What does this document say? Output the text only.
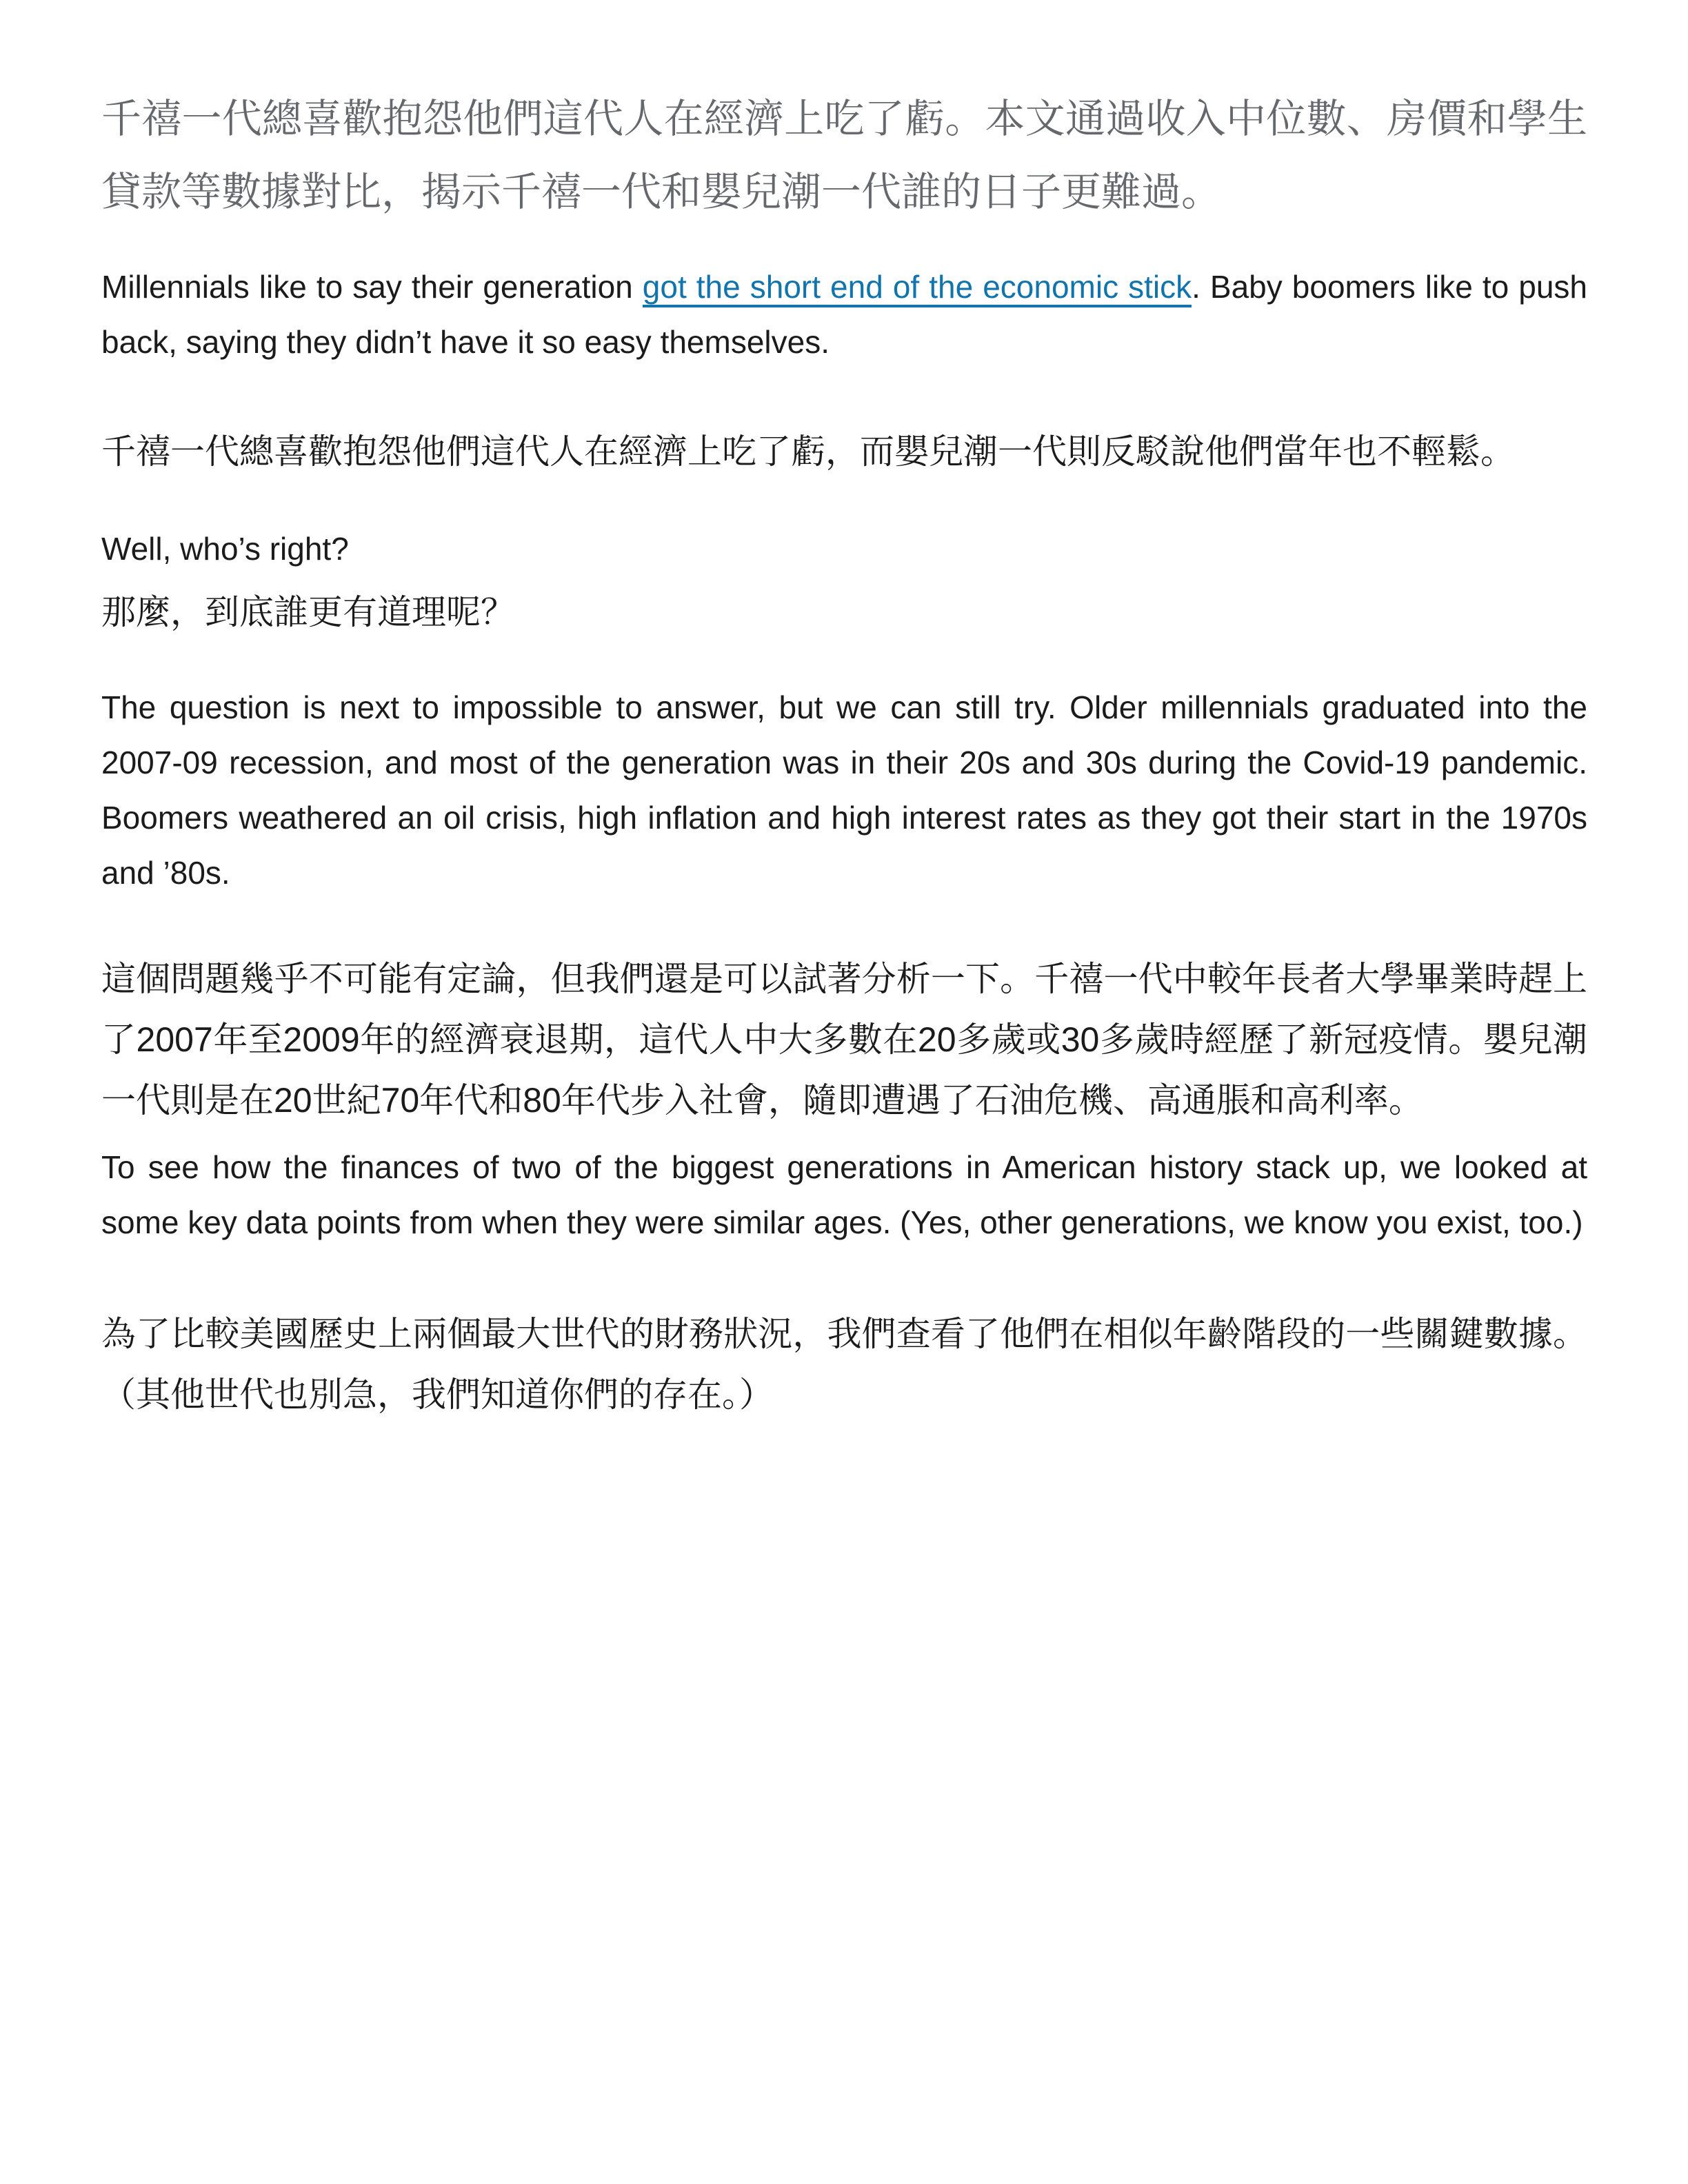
千禧一代總喜歡抱怨他們這代人在經濟上吃了虧。本文通過收入中位數、房價和學生貸款等數據對比，揭示千禧一代和嬰兒潮一代誰的日子更難過。

Millennials like to say their generation got the short end of the economic stick. Baby boomers like to push back, saying they didn’t have it so easy themselves.

千禧一代總喜歡抱怨他們這代人在經濟上吃了虧，而嬰兒潮一代則反駁說他們當年也不輕鬆。

Well, who’s right?

那麼，到底誰更有道理呢？

The question is next to impossible to answer, but we can still try. Older millennials graduated into the 2007-09 recession, and most of the generation was in their 20s and 30s during the Covid-19 pandemic. Boomers weathered an oil crisis, high inflation and high interest rates as they got their start in the 1970s and ’80s.

這個問題幾乎不可能有定論，但我們還是可以試著分析一下。千禧一代中較年長者大學畢業時趕上了2007年至2009年的經濟衰退期，這代人中大多數在20多歲或30多歲時經歷了新冠疫情。嬰兒潮一代則是在20世紀70年代和80年代步入社會，隨即遭遇了石油危機、高通脹和高利率。

To see how the finances of two of the biggest generations in American history stack up, we looked at some key data points from when they were similar ages. (Yes, other generations, we know you exist, too.)

為了比較美國歷史上兩個最大世代的財務狀況，我們查看了他們在相似年齡階段的一些關鍵數據。（其他世代也別急，我們知道你們的存在。）
